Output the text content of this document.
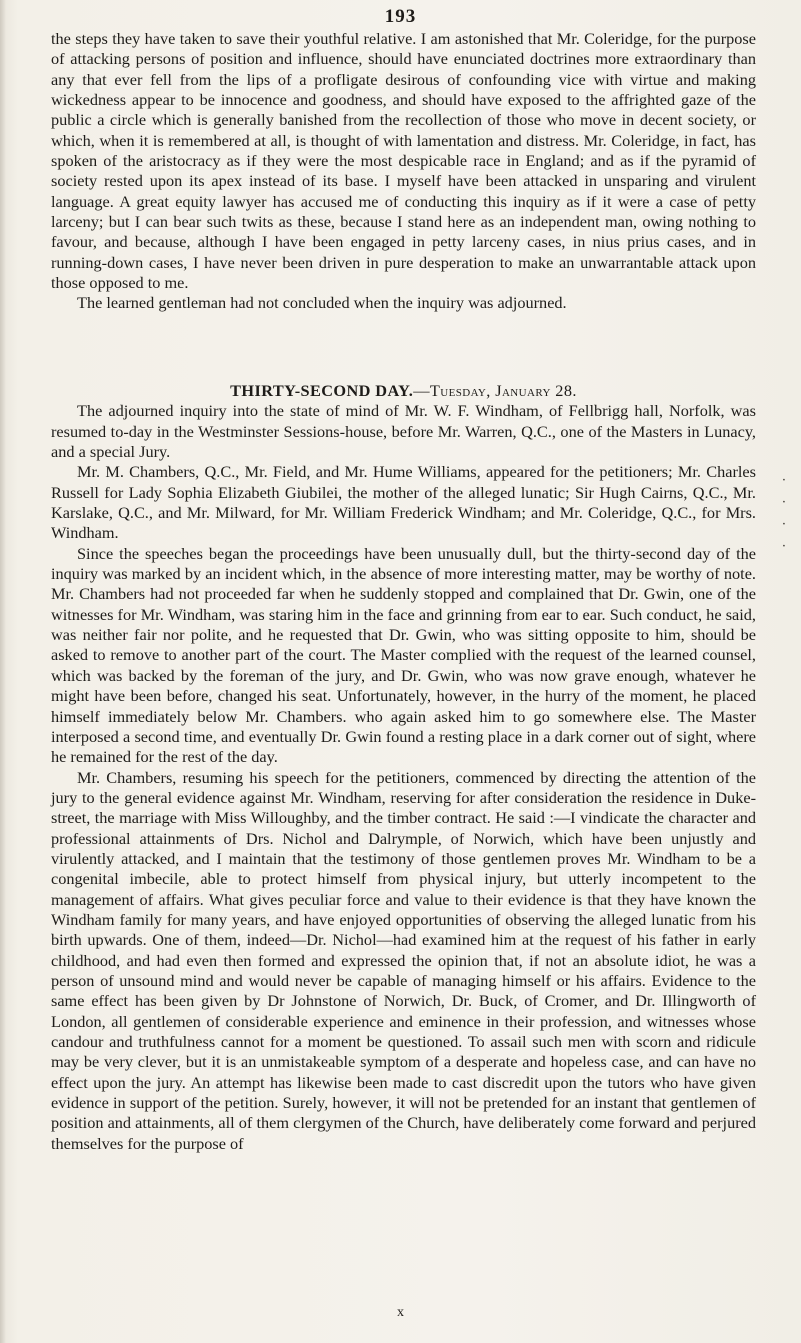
193

the steps they have taken to save their youthful relative. I am astonished that Mr. Coleridge, for the purpose of attacking persons of position and influence, should have enunciated doctrines more extraordinary than any that ever fell from the lips of a profligate desirous of confounding vice with virtue and making wickedness appear to be innocence and goodness, and should have exposed to the affrighted gaze of the public a circle which is generally banished from the recollection of those who move in decent society, or which, when it is remembered at all, is thought of with lamentation and distress. Mr. Coleridge, in fact, has spoken of the aristocracy as if they were the most despicable race in England; and as if the pyramid of society rested upon its apex instead of its base. I myself have been attacked in unsparing and virulent language. A great equity lawyer has accused me of conducting this inquiry as if it were a case of petty larceny; but I can bear such twits as these, because I stand here as an independent man, owing nothing to favour, and because, although I have been engaged in petty larceny cases, in nius prius cases, and in running-down cases, I have never been driven in pure desperation to make an unwarrantable attack upon those opposed to me.

The learned gentleman had not concluded when the inquiry was adjourned.

THIRTY-SECOND DAY.—Tuesday, January 28.

The adjourned inquiry into the state of mind of Mr. W. F. Windham, of Fellbrigg hall, Norfolk, was resumed to-day in the Westminster Sessions-house, before Mr. Warren, Q.C., one of the Masters in Lunacy, and a special Jury.

Mr. M. Chambers, Q.C., Mr. Field, and Mr. Hume Williams, appeared for the petitioners; Mr. Charles Russell for Lady Sophia Elizabeth Giubilei, the mother of the alleged lunatic; Sir Hugh Cairns, Q.C., Mr. Karslake, Q.C., and Mr. Milward, for Mr. William Frederick Windham; and Mr. Coleridge, Q.C., for Mrs. Windham.

Since the speeches began the proceedings have been unusually dull, but the thirty-second day of the inquiry was marked by an incident which, in the absence of more interesting matter, may be worthy of note. Mr. Chambers had not proceeded far when he suddenly stopped and complained that Dr. Gwin, one of the witnesses for Mr. Windham, was staring him in the face and grinning from ear to ear. Such conduct, he said, was neither fair nor polite, and he requested that Dr. Gwin, who was sitting opposite to him, should be asked to remove to another part of the court. The Master complied with the request of the learned counsel, which was backed by the foreman of the jury, and Dr. Gwin, who was now grave enough, whatever he might have been before, changed his seat. Unfortunately, however, in the hurry of the moment, he placed himself immediately below Mr. Chambers. who again asked him to go somewhere else. The Master interposed a second time, and eventually Dr. Gwin found a resting place in a dark corner out of sight, where he remained for the rest of the day.

Mr. Chambers, resuming his speech for the petitioners, commenced by directing the attention of the jury to the general evidence against Mr. Windham, reserving for after consideration the residence in Duke-street, the marriage with Miss Willoughby, and the timber contract. He said :—I vindicate the character and professional attainments of Drs. Nichol and Dalrymple, of Norwich, which have been unjustly and virulently attacked, and I maintain that the testimony of those gentlemen proves Mr. Windham to be a congenital imbecile, able to protect himself from physical injury, but utterly incompetent to the management of affairs. What gives peculiar force and value to their evidence is that they have known the Windham family for many years, and have enjoyed opportunities of observing the alleged lunatic from his birth upwards. One of them, indeed—Dr. Nichol—had examined him at the request of his father in early childhood, and had even then formed and expressed the opinion that, if not an absolute idiot, he was a person of unsound mind and would never be capable of managing himself or his affairs. Evidence to the same effect has been given by Dr Johnstone of Norwich, Dr. Buck, of Cromer, and Dr. Illingworth of London, all gentlemen of considerable experience and eminence in their profession, and witnesses whose candour and truthfulness cannot for a moment be questioned. To assail such men with scorn and ridicule may be very clever, but it is an unmistakeable symptom of a desperate and hopeless case, and can have no effect upon the jury. An attempt has likewise been made to cast discredit upon the tutors who have given evidence in support of the petition. Surely, however, it will not be pretended for an instant that gentlemen of position and attainments, all of them clergymen of the Church, have deliberately come forward and perjured themselves for the purpose of

x
·
·
·
·
